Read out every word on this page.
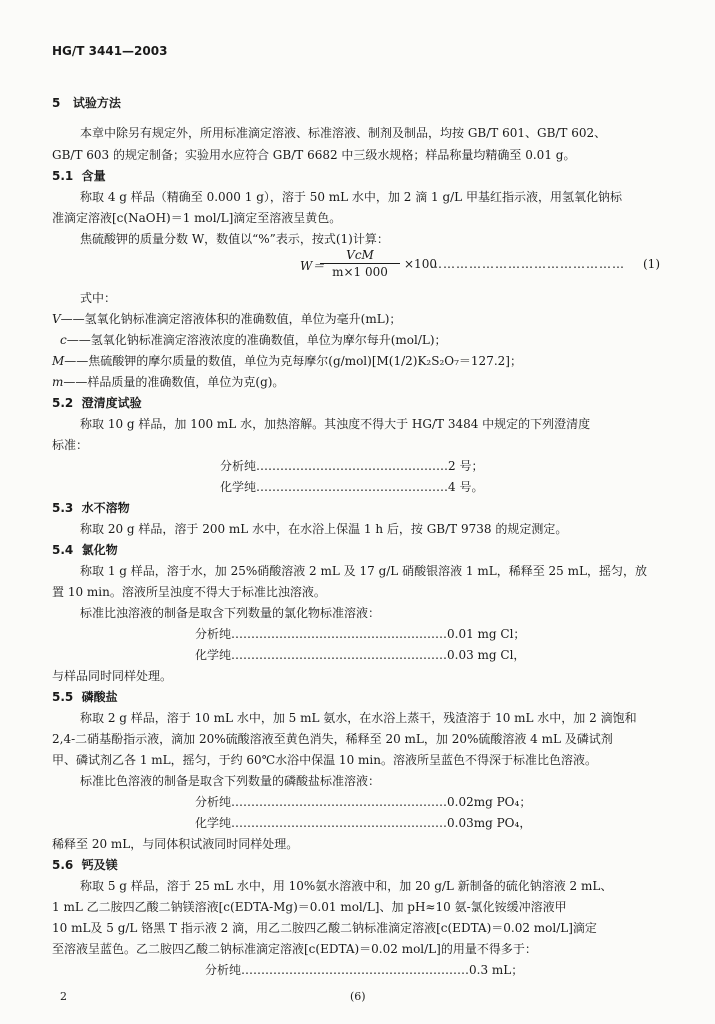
HG/T 3441—2003
5 试验方法
本章中除另有规定外，所用标准滴定溶液、标准溶液、制剂及制品，均按 GB/T 601、GB/T 602、
GB/T 603 的规定制备；实验用水应符合 GB/T 6682 中三级水规格；样品称量均精确至 0.01 g。
5.1 含量
称取 4 g 样品（精确至 0.000 1 g），溶于 50 mL 水中，加 2 滴 1 g/L 甲基红指示液，用氢氧化钠标
准滴定溶液[c(NaOH)＝1 mol/L]滴定至溶液呈黄色。
焦硫酸钾的质量分数 W，数值以“%”表示，按式(1)计算：
W＝
VcM
m×1 000
×100
……………………………………… (1)
式中：
V——氢氧化钠标准滴定溶液体积的准确数值，单位为毫升(mL)；
c——氢氧化钠标准滴定溶液浓度的准确数值，单位为摩尔每升(mol/L)；
M——焦硫酸钾的摩尔质量的数值，单位为克每摩尔(g/mol)[M(1/2)K₂S₂O₇＝127.2]；
m——样品质量的准确数值，单位为克(g)。
5.2 澄清度试验
称取 10 g 样品，加 100 mL 水，加热溶解。其浊度不得大于 HG/T 3484 中规定的下列澄清度
标准：
分析纯…………………………………………2 号；
化学纯…………………………………………4 号。
5.3 水不溶物
称取 20 g 样品，溶于 200 mL 水中，在水浴上保温 1 h 后，按 GB/T 9738 的规定测定。
5.4 氯化物
称取 1 g 样品，溶于水，加 25%硝酸溶液 2 mL 及 17 g/L 硝酸银溶液 1 mL，稀释至 25 mL，摇匀，放
置 10 min。溶液所呈浊度不得大于标准比浊溶液。
标准比浊溶液的制备是取含下列数量的氯化物标准溶液：
分析纯………………………………………………0.01 mg Cl；
化学纯………………………………………………0.03 mg Cl，
与样品同时同样处理。
5.5 磷酸盐
称取 2 g 样品，溶于 10 mL 水中，加 5 mL 氨水，在水浴上蒸干，残渣溶于 10 mL 水中，加 2 滴饱和
2,4-二硝基酚指示液，滴加 20%硫酸溶液至黄色消失，稀释至 20 mL，加 20%硫酸溶液 4 mL 及磷试剂
甲、磷试剂乙各 1 mL，摇匀，于约 60℃水浴中保温 10 min。溶液所呈蓝色不得深于标准比色溶液。
标准比色溶液的制备是取含下列数量的磷酸盐标准溶液：
分析纯………………………………………………0.02mg PO₄；
化学纯………………………………………………0.03mg PO₄，
稀释至 20 mL，与同体积试液同时同样处理。
5.6 钙及镁
称取 5 g 样品，溶于 25 mL 水中，用 10%氨水溶液中和，加 20 g/L 新制备的硫化钠溶液 2 mL、
1 mL 乙二胺四乙酸二钠镁溶液[c(EDTA-Mg)＝0.01 mol/L]、加 pH≈10 氨-氯化铵缓冲溶液甲
10 mL及 5 g/L 铬黑 T 指示液 2 滴，用乙二胺四乙酸二钠标准滴定溶液[c(EDTA)＝0.02 mol/L]滴定
至溶液呈蓝色。乙二胺四乙酸二钠标准滴定溶液[c(EDTA)＝0.02 mol/L]的用量不得多于：
分析纯…………………………………………………0.3 mL；
2	(6)
